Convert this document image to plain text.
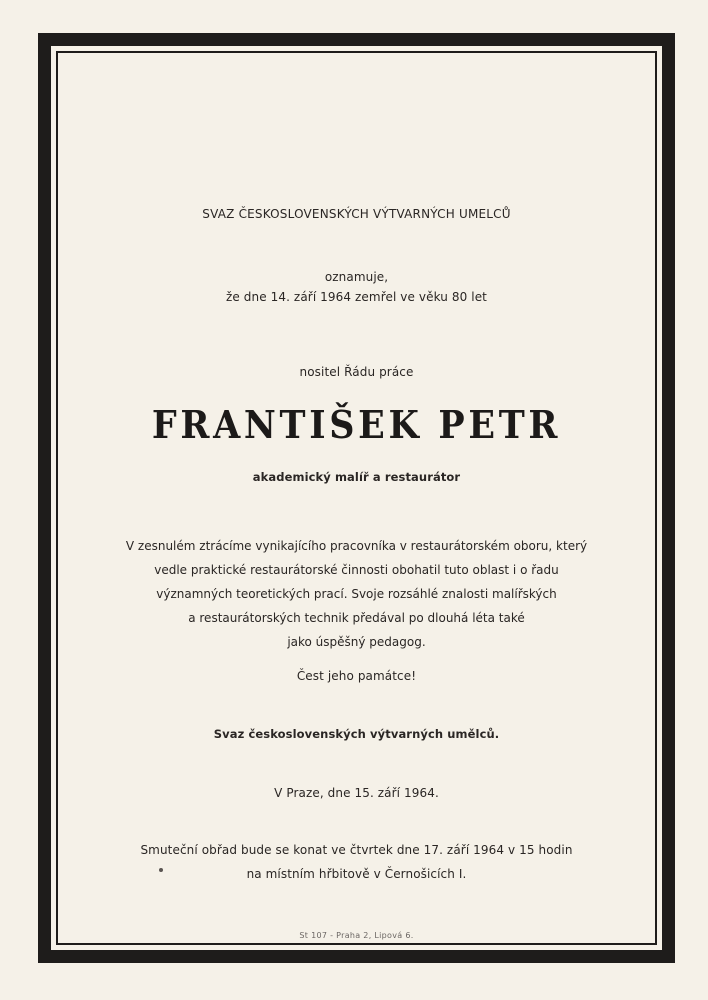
SVAZ ČESKOSLOVENSKÝCH VÝTVARNÝCH UMELCŮ
oznamuje,
že dne 14. září 1964 zemřel ve věku 80 let
nositel Řádu práce
FRANTIŠEK PETR
akademický malíř a restaurátor
V zesnulém ztrácíme vynikajícího pracovníka v restaurátorském oboru, který
vedle praktické restaurátorské činnosti obohatil tuto oblast i o řadu
významných teoretických prací. Svoje rozsáhlé znalosti malířských
a restaurátorských technik předával po dlouhá léta také
jako úspěšný pedagog.
Čest jeho památce!
Svaz československých výtvarných umělců.
V Praze, dne 15. září 1964.
Smuteční obřad bude se konat ve čtvrtek dne 17. září 1964 v 15 hodin
na místním hřbitově v Černošicích I.
St 107 - Praha 2, Lipová 6.
